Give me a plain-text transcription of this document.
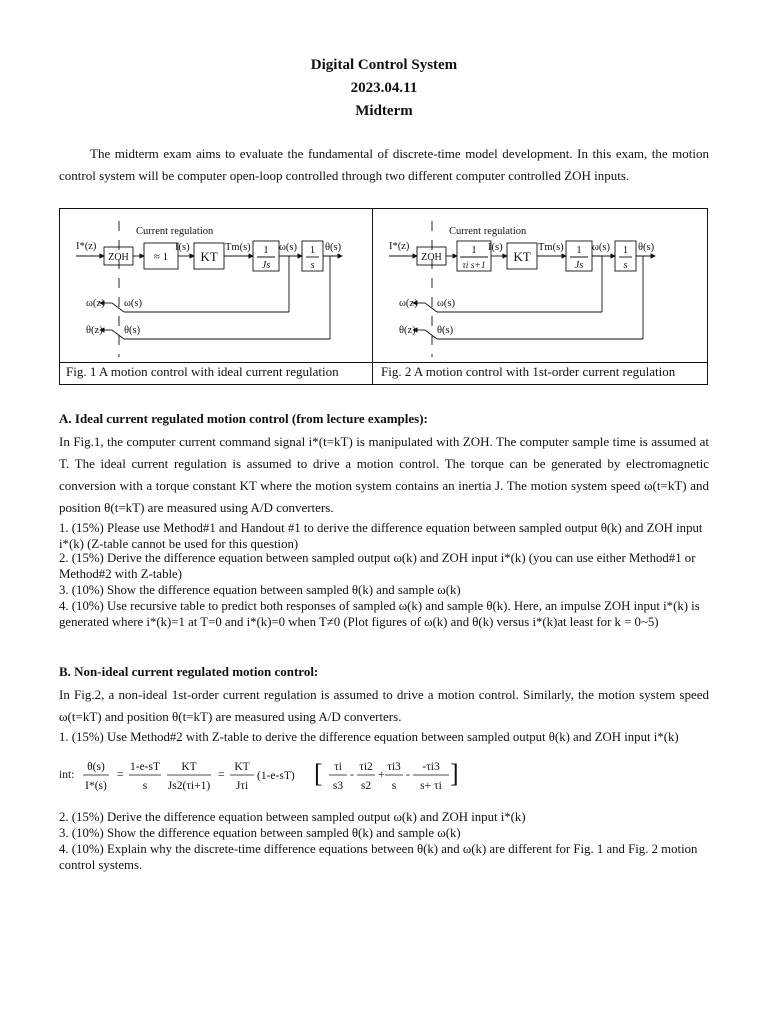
Digital Control System
2023.04.11
Midterm
The midterm exam aims to evaluate the fundamental of discrete-time model development. In this exam, the motion control system will be computer open-loop controlled through two different computer controlled ZOH inputs.
Current regulation
I*(z)
ZOH ≈ 1
I(s)
KT
Tm(s) 1
Js
ω(s) 1
s
θ(s)
ω(z) ω(s)
θ(z) θ(s)
Current regulation
I*(z)
ZOH
1
τi s+1
I(s)
KT
Tm(s) 1
Js
ω(s) 1
s
θ(s)
ω(z) ω(s)
θ(z) θ(s)
Fig. 1 A motion control with ideal current regulation	Fig. 2 A motion control with 1st-order current regulation
A. Ideal current regulated motion control (from lecture examples):
In Fig.1, the computer current command signal i*(t=kT) is manipulated with ZOH. The computer sample time is assumed at T. The ideal current regulation is assumed to drive a motion control. The torque can be generated by electromagnetic conversion with a torque constant KT where the motion system contains an inertia J. The motion system speed ω(t=kT) and position θ(t=kT) are measured using A/D converters.
1. (15%) Please use Method#1 and Handout #1 to derive the difference equation between sampled output θ(k) and ZOH input i*(k) (Z-table cannot be used for this question)
2. (15%) Derive the difference equation between sampled output ω(k) and ZOH input i*(k) (you can use either Method#1 or Method#2 with Z-table)
3. (10%) Show the difference equation between sampled θ(k) and sample ω(k)
4. (10%) Use recursive table to predict both responses of sampled ω(k) and sample θ(k). Here, an impulse ZOH input i*(k) is generated where i*(k)=1 at T=0 and i*(k)=0 when T≠0 (Plot figures of ω(k) and θ(k) versus i*(k)at least for k = 0~5)
B. Non-ideal current regulated motion control:
In Fig.2, a non-ideal 1st-order current regulation is assumed to drive a motion control. Similarly, the motion system speed ω(t=kT) and position θ(t=kT) are measured using A/D converters.
1. (15%) Use Method#2 with Z-table to derive the difference equation between sampled output θ(k) and ZOH input i*(k)
int:
θ(s)
I*(s)
=
1-e-sT
s
KT
Js2(τi+1)
=
KT
Jτi
(1-e-sT) [ τi
s3
-
τi2
s2
+
τi3
s
-
-τi3
s+ τi ]
2. (15%) Derive the difference equation between sampled output ω(k) and ZOH input i*(k)
3. (10%) Show the difference equation between sampled θ(k) and sample ω(k)
4. (10%) Explain why the discrete-time difference equations between θ(k) and ω(k) are different for Fig. 1 and Fig. 2 motion control systems.
